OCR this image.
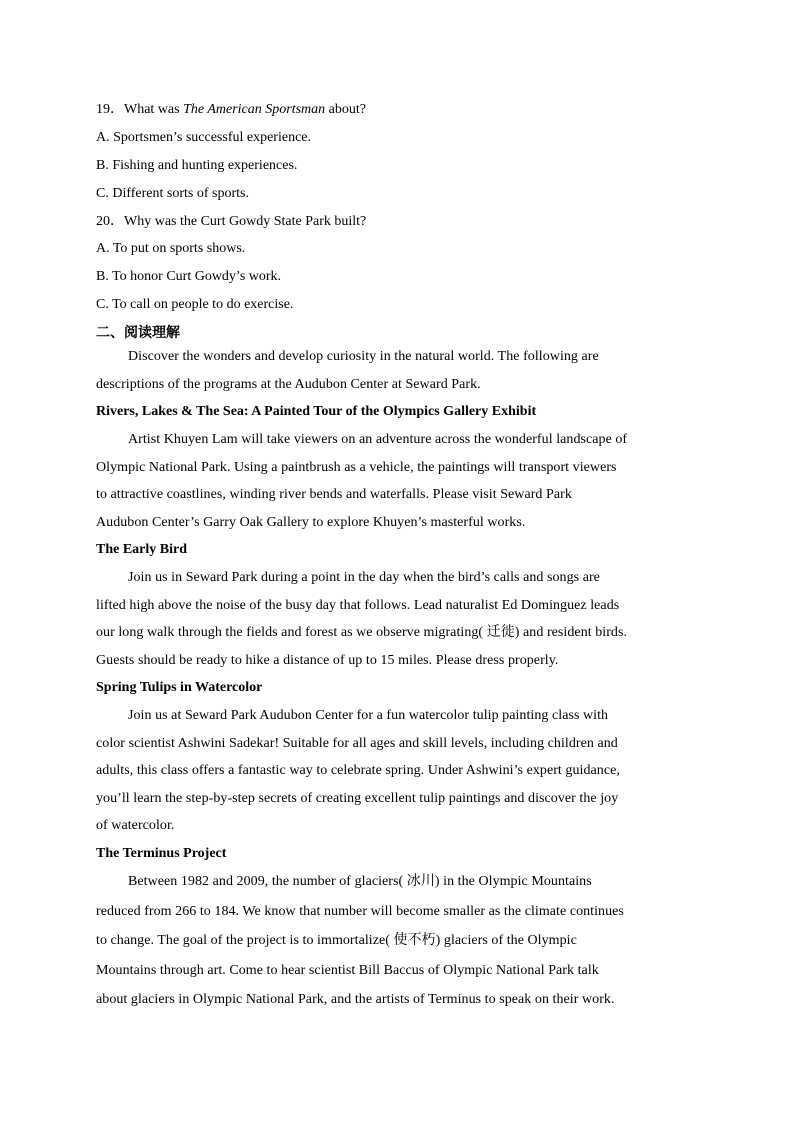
19．What was The American Sportsman about?
A. Sportsmen’s successful experience.
B. Fishing and hunting experiences.
C. Different sorts of sports.
20．Why was the Curt Gowdy State Park built?
A. To put on sports shows.
B. To honor Curt Gowdy’s work.
C. To call on people to do exercise.
二、阅读理解
Discover the wonders and develop curiosity in the natural world. The following are
descriptions of the programs at the Audubon Center at Seward Park.
Rivers, Lakes & The Sea: A Painted Tour of the Olympics Gallery Exhibit
Artist Khuyen Lam will take viewers on an adventure across the wonderful landscape of
Olympic National Park. Using a paintbrush as a vehicle, the paintings will transport viewers
to attractive coastlines, winding river bends and waterfalls. Please visit Seward Park
Audubon Center’s Garry Oak Gallery to explore Khuyen’s masterful works.
The Early Bird
Join us in Seward Park during a point in the day when the bird’s calls and songs are
lifted high above the noise of the busy day that follows. Lead naturalist Ed Dominguez leads
our long walk through the fields and forest as we observe migrating( 迁徙) and resident birds.
Guests should be ready to hike a distance of up to 15 miles. Please dress properly.
Spring Tulips in Watercolor
Join us at Seward Park Audubon Center for a fun watercolor tulip painting class with
color scientist Ashwini Sadekar! Suitable for all ages and skill levels, including children and
adults, this class offers a fantastic way to celebrate spring. Under Ashwini’s expert guidance,
you’ll learn the step-by-step secrets of creating excellent tulip paintings and discover the joy
of watercolor.
The Terminus Project
Between 1982 and 2009, the number of glaciers( 冰川) in the Olympic Mountains
reduced from 266 to 184. We know that number will become smaller as the climate continues
to change. The goal of the project is to immortalize( 使不朽) glaciers of the Olympic
Mountains through art. Come to hear scientist Bill Baccus of Olympic National Park talk
about glaciers in Olympic National Park, and the artists of Terminus to speak on their work.
